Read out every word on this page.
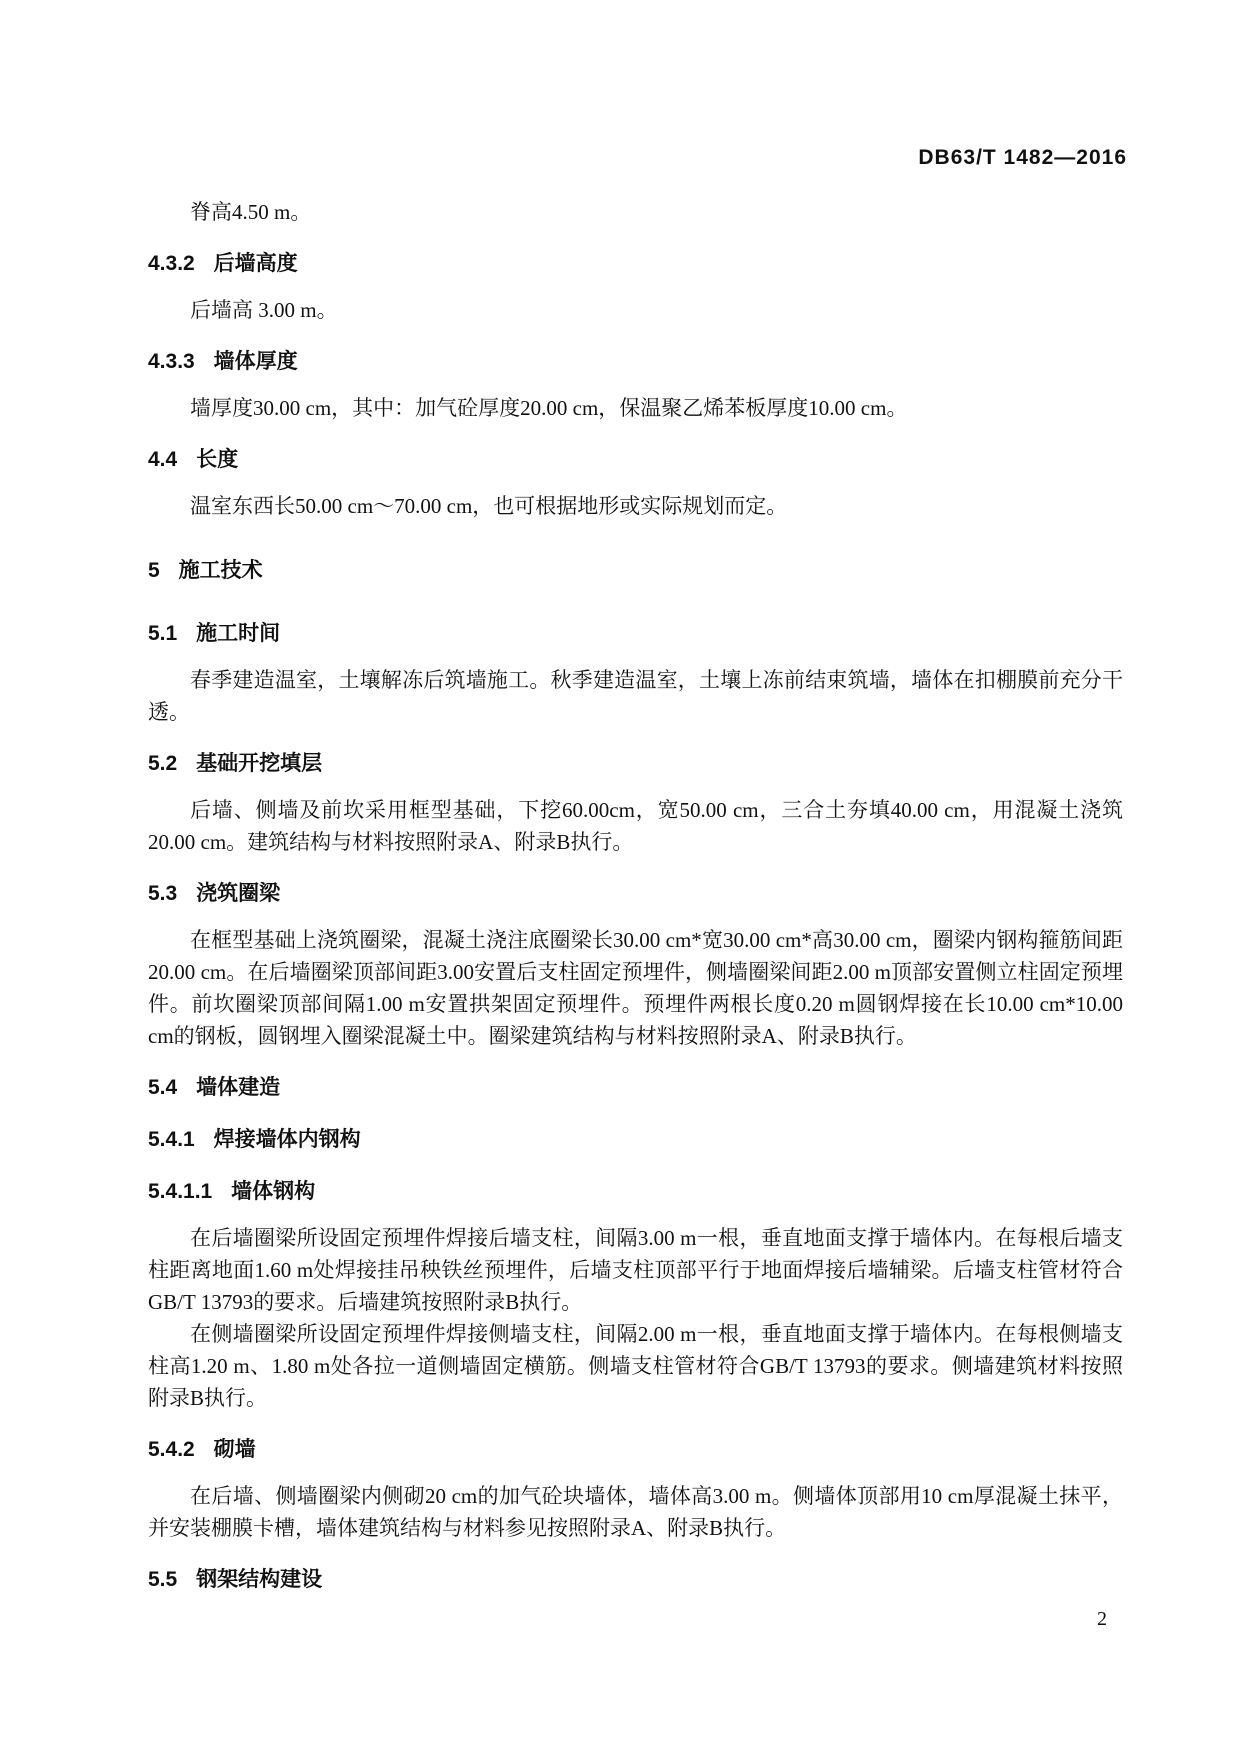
DB63/T 1482—2016

脊高4.50 m。

4.3.2 后墙高度

后墙高 3.00 m。

4.3.3 墙体厚度

墙厚度30.00 cm，其中：加气砼厚度20.00 cm，保温聚乙烯苯板厚度10.00 cm。

4.4 长度

温室东西长50.00 cm～70.00 cm，也可根据地形或实际规划而定。

5 施工技术
5.1 施工时间

春季建造温室，土壤解冻后筑墙施工。秋季建造温室，土壤上冻前结束筑墙，墙体在扣棚膜前充分干透。

5.2 基础开挖填层

后墙、侧墙及前坎采用框型基础，下挖60.00cm，宽50.00 cm，三合土夯填40.00 cm，用混凝土浇筑20.00 cm。建筑结构与材料按照附录A、附录B执行。

5.3 浇筑圈梁

在框型基础上浇筑圈梁，混凝土浇注底圈梁长30.00 cm*宽30.00 cm*高30.00 cm，圈梁内钢构箍筋间距20.00 cm。在后墙圈梁顶部间距3.00安置后支柱固定预埋件，侧墙圈梁间距2.00 m顶部安置侧立柱固定预埋件。前坎圈梁顶部间隔1.00 m安置拱架固定预埋件。预埋件两根长度0.20 m圆钢焊接在长10.00 cm*10.00 cm的钢板，圆钢埋入圈梁混凝土中。圈梁建筑结构与材料按照附录A、附录B执行。

5.4 墙体建造
5.4.1 焊接墙体内钢构
5.4.1.1 墙体钢构

在后墙圈梁所设固定预埋件焊接后墙支柱，间隔3.00 m一根，垂直地面支撑于墙体内。在每根后墙支柱距离地面1.60 m处焊接挂吊秧铁丝预埋件，后墙支柱顶部平行于地面焊接后墙辅梁。后墙支柱管材符合GB/T 13793的要求。后墙建筑按照附录B执行。

在侧墙圈梁所设固定预埋件焊接侧墙支柱，间隔2.00 m一根，垂直地面支撑于墙体内。在每根侧墙支柱高1.20 m、1.80 m处各拉一道侧墙固定横筋。侧墙支柱管材符合GB/T 13793的要求。侧墙建筑材料按照附录B执行。

5.4.2 砌墙

在后墙、侧墙圈梁内侧砌20 cm的加气砼块墙体，墙体高3.00 m。侧墙体顶部用10 cm厚混凝土抹平，并安装棚膜卡槽，墙体建筑结构与材料参见按照附录A、附录B执行。

5.5 钢架结构建设
2
